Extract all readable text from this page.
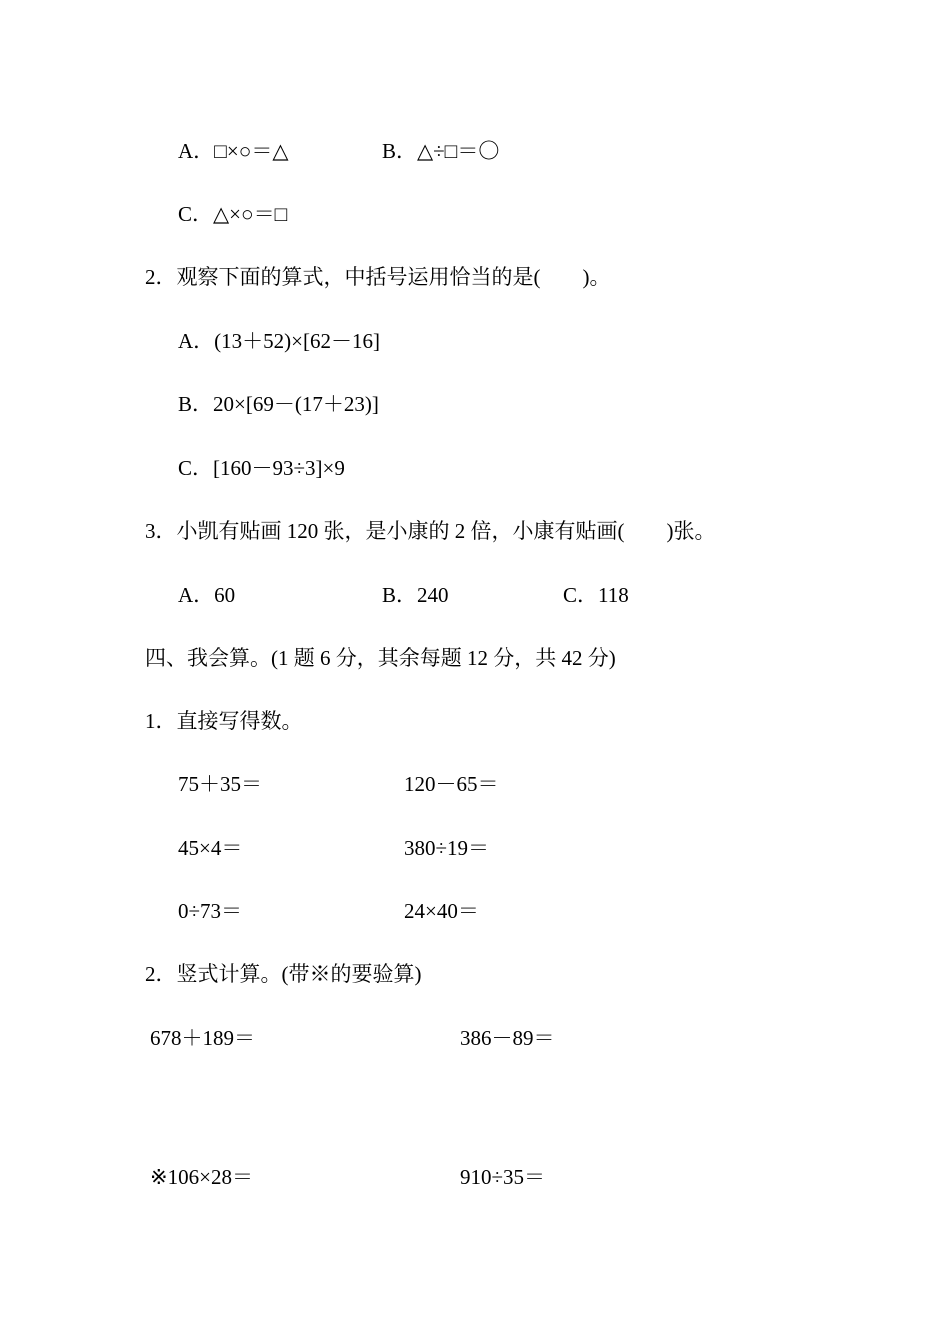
A．□×○＝△	B．△÷□＝〇
C．△×○＝□
2．观察下面的算式，中括号运用恰当的是(　　)。
A．(13＋52)×[62－16]
B．20×[69－(17＋23)]
C．[160－93÷3]×9
3．小凯有贴画 120 张，是小康的 2 倍，小康有贴画(　　)张。
A．60	B．240	C．118
四、我会算。(1 题 6 分，其余每题 12 分，共 42 分)
1．直接写得数。
75＋35＝	120－65＝
45×4＝	380÷19＝
0÷73＝	24×40＝
2．竖式计算。(带※的要验算)
678＋189＝	386－89＝
※106×28＝	910÷35＝
